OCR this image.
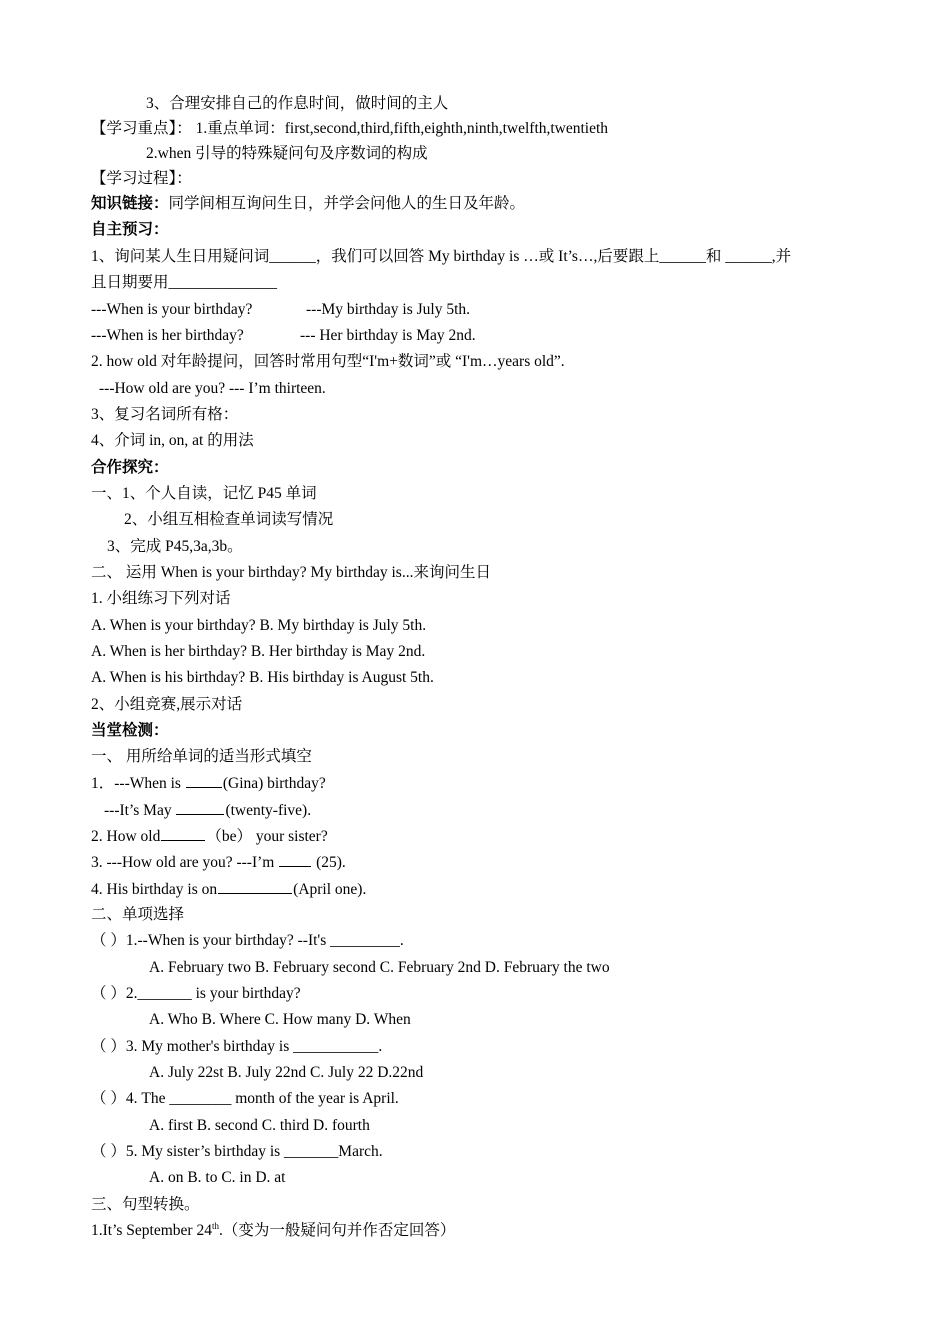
3、合理安排自己的作息时间，做时间的主人
【学习重点】： 1.重点单词：first,second,third,fifth,eighth,ninth,twelfth,twentieth
2.when 引导的特殊疑问句及序数词的构成
【学习过程】：
知识链接：同学间相互询问生日，并学会问他人的生日及年龄。
自主预习：
1、询问某人生日用疑问词______，我们可以回答 My birthday is …或 It’s…,后要跟上______和 ______,并
且日期要用______________
---When is your birthday?	---My birthday is July 5th.
---When is her birthday?	--- Her birthday is May 2nd.
2. how old 对年龄提问，回答时常用句型“I'm+数词”或 “I'm…years old”.
---How old are you? --- I’m thirteen.
3、复习名词所有格：
4、介词 in, on, at 的用法
合作探究：
一、1、个人自读，记忆 P45 单词
2、小组互相检查单词读写情况
3、完成 P45,3a,3b。
二、 运用 When is your birthday? My birthday is...来询问生日
1. 小组练习下列对话
A. When is your birthday? B. My birthday is July 5th.
A. When is her birthday? B. Her birthday is May 2nd.
A. When is his birthday? B. His birthday is August 5th.
2、小组竞赛,展示对话
当堂检测：
一、 用所给单词的适当形式填空
1．---When is	(Gina) birthday?
---It’s May	(twenty-five).
2. How old	（be） your sister?
3. ---How old are you? ---I’m  (25).
4. His birthday is on	(April one).
二、单项选择
（ ）1.--When is your birthday? --It's _________.
A. February two B. February second C. February 2nd D. February the two
（ ）2._______ is your birthday?
A. Who B. Where C. How many D. When
（ ）3. My mother's birthday is ___________.
A. July 22st B. July 22nd C. July 22 D.22nd
（ ）4. The ________ month of the year is April.
A. first B. second C. third D. fourth
（ ）5. My sister’s birthday is _______March.
A. on B. to C. in D. at
三、句型转换。
1.It’s September 24th.（变为一般疑问句并作否定回答）
